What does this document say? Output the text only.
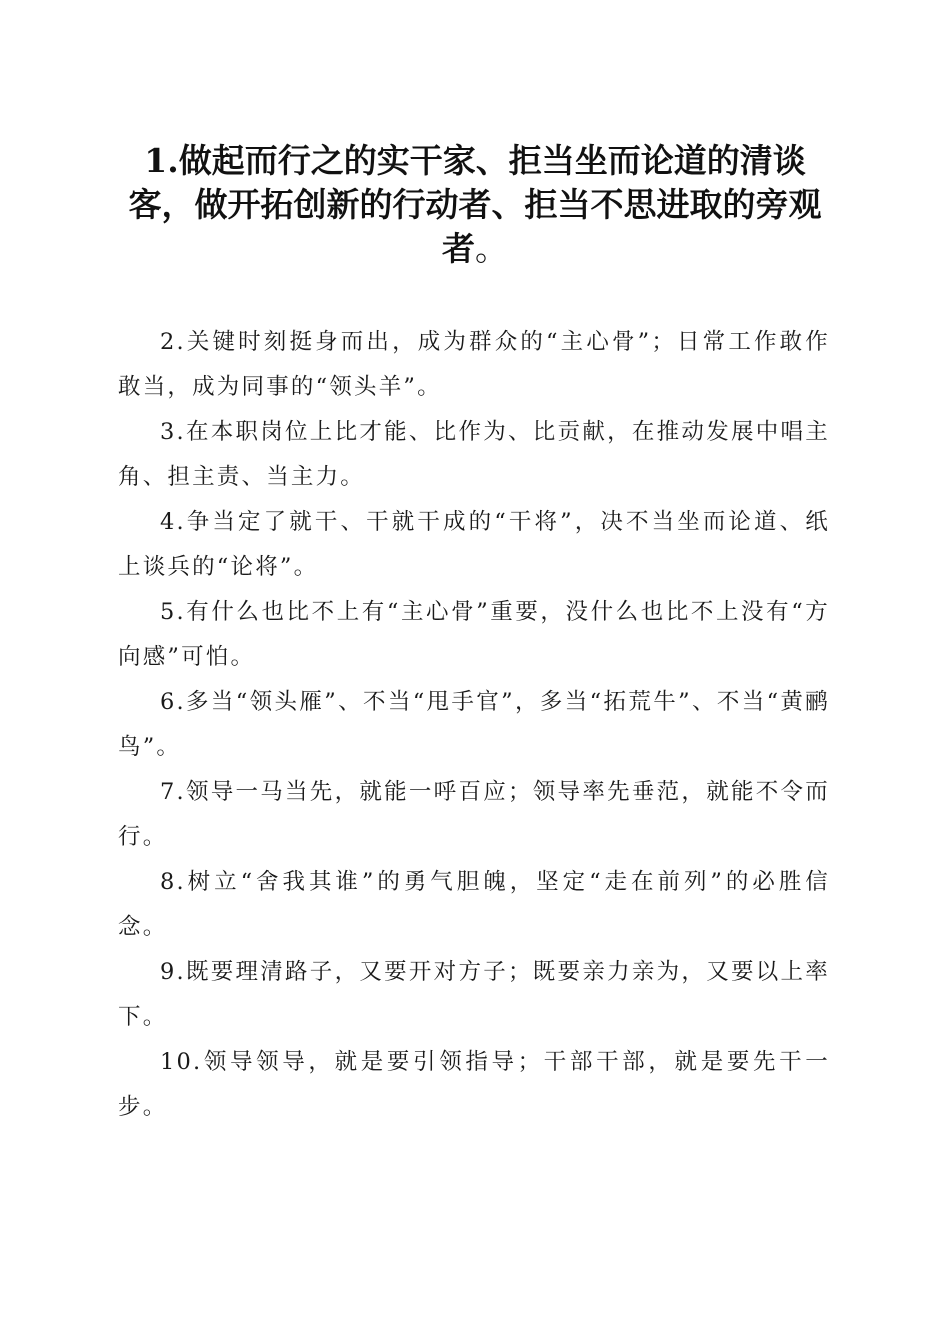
1.做起而行之的实干家、拒当坐而论道的清谈客，做开拓创新的行动者、拒当不思进取的旁观者。

2.关键时刻挺身而出，成为群众的“主心骨”；日常工作敢作敢当，成为同事的“领头羊”。

3.在本职岗位上比才能、比作为、比贡献，在推动发展中唱主角、担主责、当主力。

4.争当定了就干、干就干成的“干将”，决不当坐而论道、纸上谈兵的“论将”。

5.有什么也比不上有“主心骨”重要，没什么也比不上没有“方向感”可怕。

6.多当“领头雁”、不当“甩手官”，多当“拓荒牛”、不当“黄鹂鸟”。

7.领导一马当先，就能一呼百应；领导率先垂范，就能不令而行。

8.树立“舍我其谁”的勇气胆魄，坚定“走在前列”的必胜信念。

9.既要理清路子，又要开对方子；既要亲力亲为，又要以上率下。

10.领导领导，就是要引领指导；干部干部，就是要先干一步。
